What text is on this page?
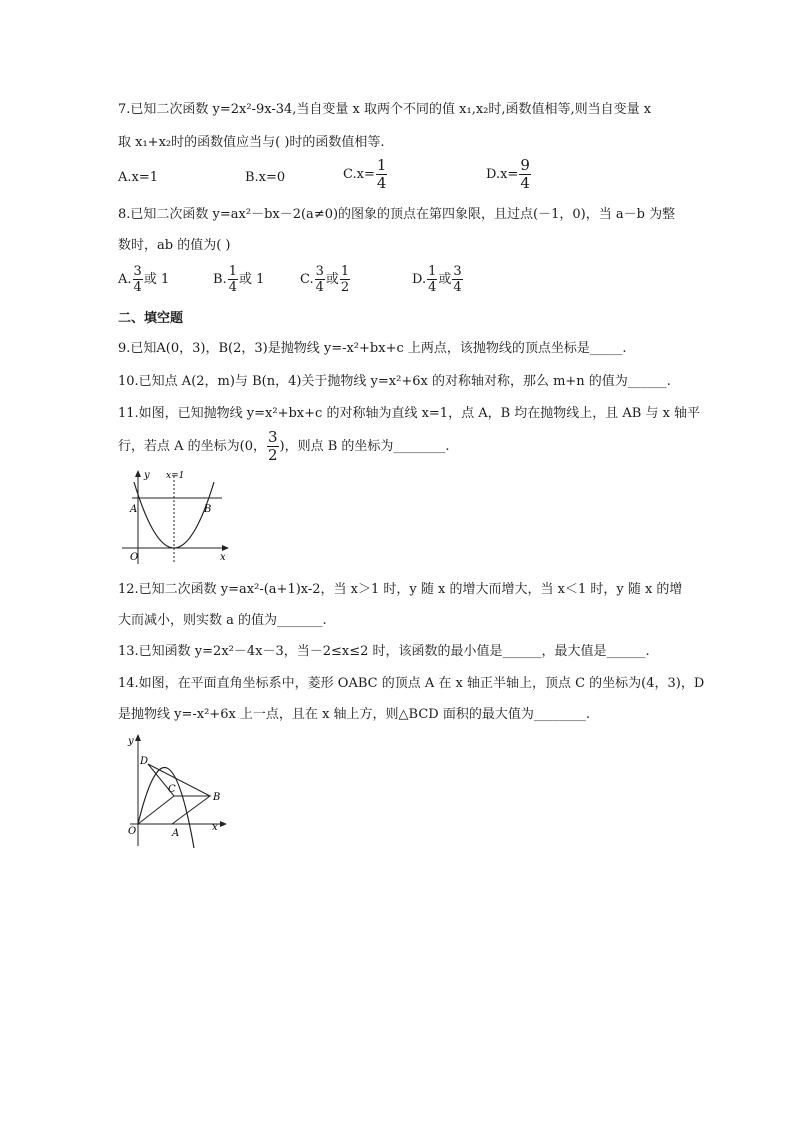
7.已知二次函数 y=2x²-9x-34,当自变量 x 取两个不同的值 x₁,x₂时,函数值相等,则当自变量 x
取 x₁+x₂时的函数值应当与( )时的函数值相等.
A.x=1	B.x=0	$C.x= \frac{1}{4}$	$D.x= \frac{9}{4}$
8.已知二次函数 y=ax²－bx－2(a≠0)的图象的顶点在第四象限，且过点(－1，0)，当 a－b 为整
数时，ab 的值为( )
A. $\frac{3}{4}$ 或 1	B. $\frac{1}{4}$ 或 1	C. $\frac{3}{4}$ 或 $\frac{1}{2}$	D. $\frac{1}{4}$ 或 $\frac{3}{4}$
二、填空题
9.已知A(0，3)，B(2，3)是抛物线 y=-x²+bx+c 上两点，该抛物线的顶点坐标是_____.
10.已知点 A(2，m)与 B(n，4)关于抛物线 y=x²+6x 的对称轴对称，那么 m+n 的值为______.
11.如图，已知抛物线 y=x²+bx+c 的对称轴为直线 x=1，点 A，B 均在抛物线上，且 AB 与 x 轴平
行，若点 A 的坐标为(0， $\frac{3}{2}$ )，则点 B 的坐标为________.
y x=1
A	B
O	x
12.已知二次函数 y=ax²-(a+1)x-2，当 x＞1 时，y 随 x 的增大而增大，当 x＜1 时，y 随 x 的增
大而减小，则实数 a 的值为_______.
13.已知函数 y=2x²－4x－3，当－2≤x≤2 时，该函数的最小值是______，最大值是______.
14.如图，在平面直角坐标系中，菱形 OABC 的顶点 A 在 x 轴正半轴上，顶点 C 的坐标为(4，3)，D
是抛物线 y=-x²+6x 上一点，且在 x 轴上方，则△BCD 面积的最大值为________.
y
D
C
B
O	A
x
